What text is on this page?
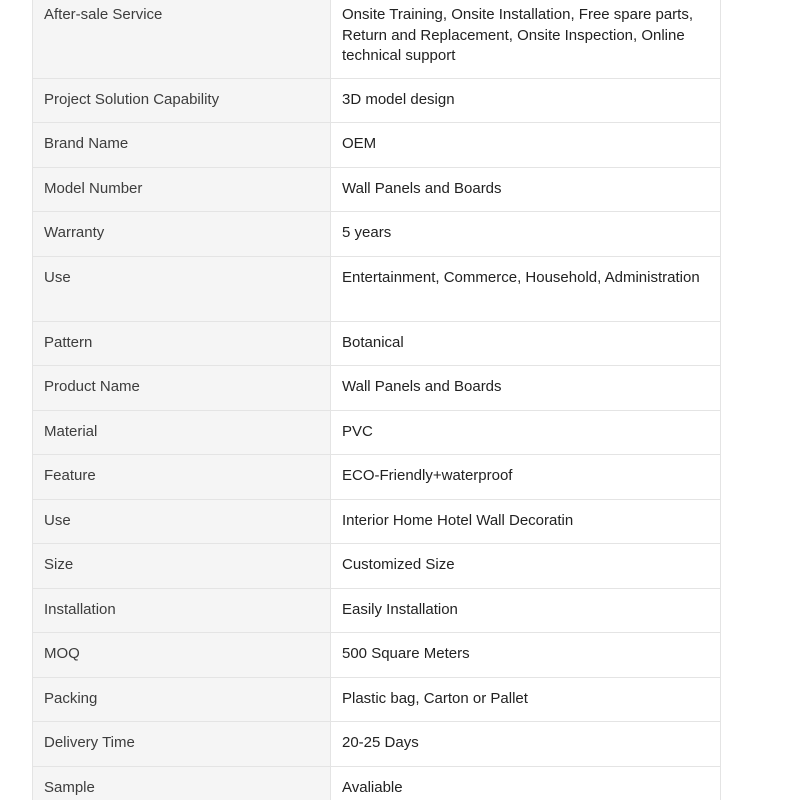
After-sale Service	Onsite Training, Onsite Installation, Free spare parts, Return and Replacement, Onsite Inspection, Online technical support
Project Solution Capability	3D model design
Brand Name	OEM
Model Number	Wall Panels and Boards
Warranty	5 years
Use	Entertainment, Commerce, Household, Administration
Pattern	Botanical
Product Name	Wall Panels and Boards
Material	PVC
Feature	ECO-Friendly+waterproof
Use	Interior Home Hotel Wall Decoratin
Size	Customized Size
Installation	Easily Installation
MOQ	500 Square Meters
Packing	Plastic bag, Carton or Pallet
Delivery Time	20-25 Days
Sample	Avaliable
